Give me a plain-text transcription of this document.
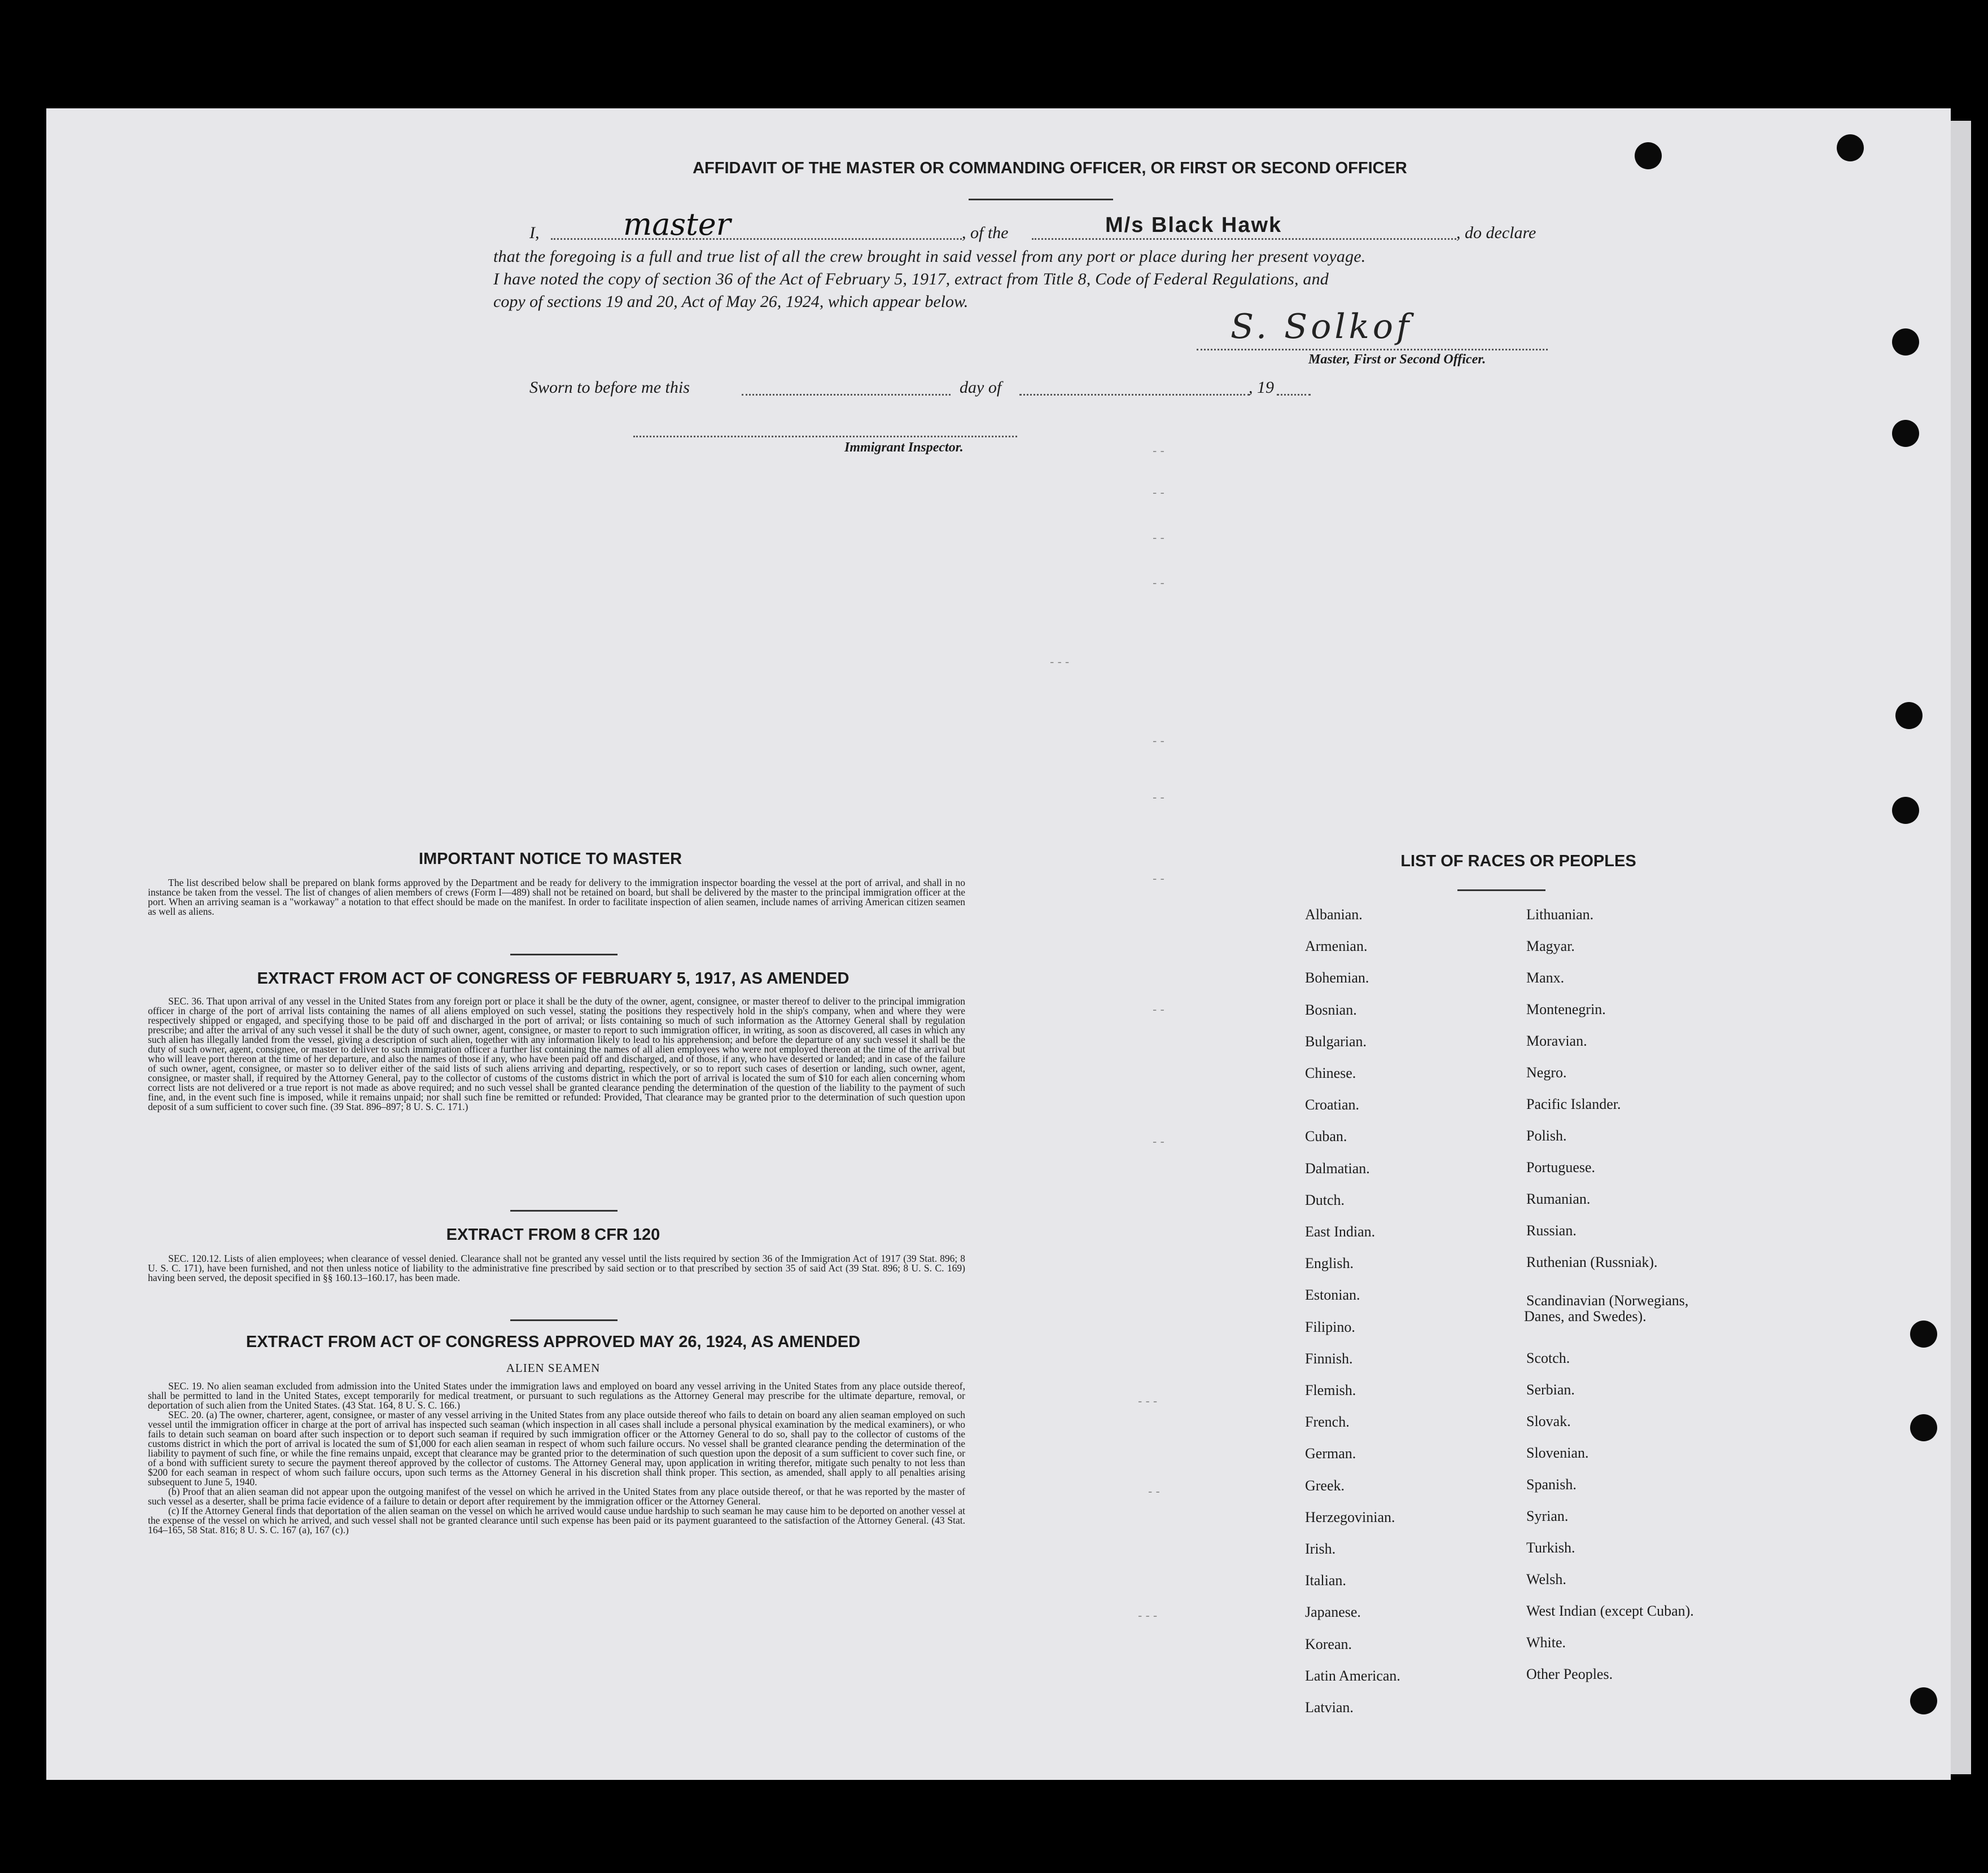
AFFIDAVIT OF THE MASTER OR COMMANDING OFFICER, OR FIRST OR SECOND OFFICER
I,	master	, of the	M/s Black Hawk	, do declare
that the foregoing is a full and true list of all the crew brought in said vessel from any port or place during her present voyage.
I have noted the copy of section 36 of the Act of February 5, 1917, extract from Title 8, Code of Federal Regulations, and
copy of sections 19 and 20, Act of May 26, 1924, which appear below.
S. Solkof
Master, First or Second Officer.
Sworn to before me this	day of	, 19
Immigrant Inspector.	- -
- -
- -
- -
- - -
- -
- -
- -
- -
- -
- - -
- -
- - -
IMPORTANT NOTICE TO MASTER

The list described below shall be prepared on blank forms approved by the Department and be ready for delivery to the immigration inspector boarding the vessel at the port of arrival, and shall in no instance be taken from the vessel. The list of changes of alien members of crews (Form I—489) shall not be retained on board, but shall be delivered by the master to the principal immigration officer at the port. When an arriving seaman is a "workaway" a notation to that effect should be made on the manifest. In order to facilitate inspection of alien seamen, include names of arriving American citizen seamen as well as aliens.

EXTRACT FROM ACT OF CONGRESS OF FEBRUARY 5, 1917, AS AMENDED

SEC. 36. That upon arrival of any vessel in the United States from any foreign port or place it shall be the duty of the owner, agent, consignee, or master thereof to deliver to the principal immigration officer in charge of the port of arrival lists containing the names of all aliens employed on such vessel, stating the positions they respectively hold in the ship's company, when and where they were respectively shipped or engaged, and specifying those to be paid off and discharged in the port of arrival; or lists containing so much of such information as the Attorney General shall by regulation prescribe; and after the arrival of any such vessel it shall be the duty of such owner, agent, consignee, or master to report to such immigration officer, in writing, as soon as discovered, all cases in which any such alien has illegally landed from the vessel, giving a description of such alien, together with any information likely to lead to his apprehension; and before the departure of any such vessel it shall be the duty of such owner, agent, consignee, or master to deliver to such immigration officer a further list containing the names of all alien employees who were not employed thereon at the time of the arrival but who will leave port thereon at the time of her departure, and also the names of those if any, who have been paid off and discharged, and of those, if any, who have deserted or landed; and in case of the failure of such owner, agent, consignee, or master so to deliver either of the said lists of such aliens arriving and departing, respectively, or so to report such cases of desertion or landing, such owner, agent, consignee, or master shall, if required by the Attorney General, pay to the collector of customs of the customs district in which the port of arrival is located the sum of $10 for each alien concerning whom correct lists are not delivered or a true report is not made as above required; and no such vessel shall be granted clearance pending the determination of the question of the liability to the payment of such fine, and, in the event such fine is imposed, while it remains unpaid; nor shall such fine be remitted or refunded: Provided, That clearance may be granted prior to the determination of such question upon deposit of a sum sufficient to cover such fine. (39 Stat. 896–897; 8 U. S. C. 171.)

EXTRACT FROM 8 CFR 120

SEC. 120.12. Lists of alien employees; when clearance of vessel denied. Clearance shall not be granted any vessel until the lists required by section 36 of the Immigration Act of 1917 (39 Stat. 896; 8 U. S. C. 171), have been furnished, and not then unless notice of liability to the administrative fine prescribed by said section or to that prescribed by section 35 of said Act (39 Stat. 896; 8 U. S. C. 169) having been served, the deposit specified in §§ 160.13–160.17, has been made.

EXTRACT FROM ACT OF CONGRESS APPROVED MAY 26, 1924, AS AMENDED
ALIEN SEAMEN

SEC. 19. No alien seaman excluded from admission into the United States under the immigration laws and employed on board any vessel arriving in the United States from any place outside thereof, shall be permitted to land in the United States, except temporarily for medical treatment, or pursuant to such regulations as the Attorney General may prescribe for the ultimate departure, removal, or deportation of such alien from the United States. (43 Stat. 164, 8 U. S. C. 166.)

SEC. 20. (a) The owner, charterer, agent, consignee, or master of any vessel arriving in the United States from any place outside thereof who fails to detain on board any alien seaman employed on such vessel until the immigration officer in charge at the port of arrival has inspected such seaman (which inspection in all cases shall include a personal physical examination by the medical examiners), or who fails to detain such seaman on board after such inspection or to deport such seaman if required by such immigration officer or the Attorney General to do so, shall pay to the collector of customs of the customs district in which the port of arrival is located the sum of $1,000 for each alien seaman in respect of whom such failure occurs. No vessel shall be granted clearance pending the determination of the liability to payment of such fine, or while the fine remains unpaid, except that clearance may be granted prior to the determination of such question upon the deposit of a sum sufficient to cover such fine, or of a bond with sufficient surety to secure the payment thereof approved by the collector of customs. The Attorney General may, upon application in writing therefor, mitigate such penalty to not less than $200 for each seaman in respect of whom such failure occurs, upon such terms as the Attorney General in his discretion shall think proper. This section, as amended, shall apply to all penalties arising subsequent to June 5, 1940.

(b) Proof that an alien seaman did not appear upon the outgoing manifest of the vessel on which he arrived in the United States from any place outside thereof, or that he was reported by the master of such vessel as a deserter, shall be prima facie evidence of a failure to detain or deport after requirement by the immigration officer or the Attorney General.

(c) If the Attorney General finds that deportation of the alien seaman on the vessel on which he arrived would cause undue hardship to such seaman he may cause him to be deported on another vessel at the expense of the vessel on which he arrived, and such vessel shall not be granted clearance until such expense has been paid or its payment guaranteed to the satisfaction of the Attorney General. (43 Stat. 164–165, 58 Stat. 816; 8 U. S. C. 167 (a), 167 (c).)

LIST OF RACES OR PEOPLES
Albanian.
Armenian.
Bohemian.
Bosnian.
Bulgarian.
Chinese.
Croatian.
Cuban.
Dalmatian.
Dutch.
East Indian.
English.
Estonian.
Filipino.
Finnish.
Flemish.
French.
German.
Greek.
Herzegovinian.
Irish.
Italian.
Japanese.
Korean.
Latin American.
Latvian.
Lithuanian.
Magyar.
Manx.
Montenegrin.
Moravian.
Negro.
Pacific Islander.
Polish.
Portuguese.
Rumanian.
Russian.
Ruthenian (Russniak).
Scandinavian (Norwegians,
Danes, and Swedes).
Scotch.
Serbian.
Slovak.
Slovenian.
Spanish.
Syrian.
Turkish.
Welsh.
West Indian (except Cuban).
White.
Other Peoples.
